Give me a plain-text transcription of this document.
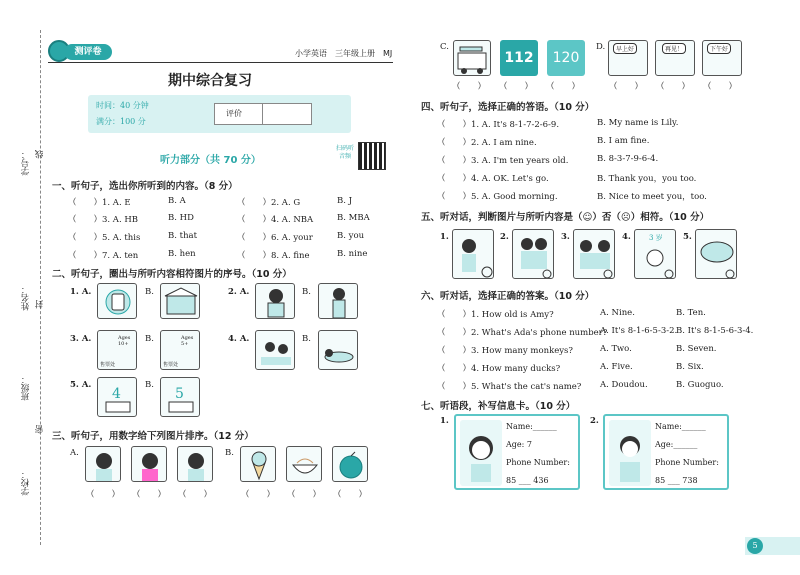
学号：
姓名：
班级：
学校：
线
封
密
测评卷	小学英语　三年级上册　MJ
期中综合复习
时间：40 分钟
满分：100 分
评价
听力部分（共 70 分）
扫码听音频
一、听句子，选出你所听到的内容。（8 分）
（　　）1. A. E	B. A	（　　）2. A. G	B. J
（　　）3. A. HB	B. HD	（　　）4. A. NBA	B. MBA
（　　）5. A. this	B. that	（　　）6. A. your	B. you
（　　）7. A. ten	B. hen	（　　）8. A. fine	B. nine
二、听句子，圈出与所听内容相符图片的序号。（10 分）
1. A.	B.	2. A.	B.
3. A.	Ages 10+
售票处
B.	Ages 5+
售票处
4. A.	B.
5. A.
4
B.
5
三、听句子，用数字给下列图片排序。（12 分）
A.	B.
（　　） （　　） （　　）	（　　） （　　） （　　）
C.
112	120
D.	早上好	再见！	下午好
（　　） （　　） （　　）	（　　） （　　） （　　）
四、听句子，选择正确的答语。（10 分）
（　　）1. A. It's 8-1-7-2-6-9.	B. My name is Lily.
（　　）2. A. I am nine.	B. I am fine.
（　　）3. A. I'm ten years old.	B. 8-3-7-9-6-4.
（　　）4. A. OK. Let's go.	B. Thank you，you too.
（　　）5. A. Good morning.	B. Nice to meet you，too.
五、听对话，判断图片与所听内容是（☺）否（☹）相符。（10 分）
1.	2.	3.	4.	3 岁 5.
六、听对话，选择正确的答案。（10 分）
（　　）1. How old is Amy?	A. Nine.	B. Ten.
（　　）2. What's Ada's phone number?
A. It's 8-1-6-5-3-2.
B. It's 8-1-5-6-3-4.
（　　）3. How many monkeys?	A. Two.	B. Seven.
（　　）4. How many ducks?	A. Five.	B. Six.
（　　）5. What's the cat's name? A. Doudou.	B. Guoguo.
七、听语段，补写信息卡。（10 分）
1.
Name:______
Age: 7
Phone Number:
85 ___ 436
2.
Name:______
Age:______
Phone Number:
85 ___ 738
5
